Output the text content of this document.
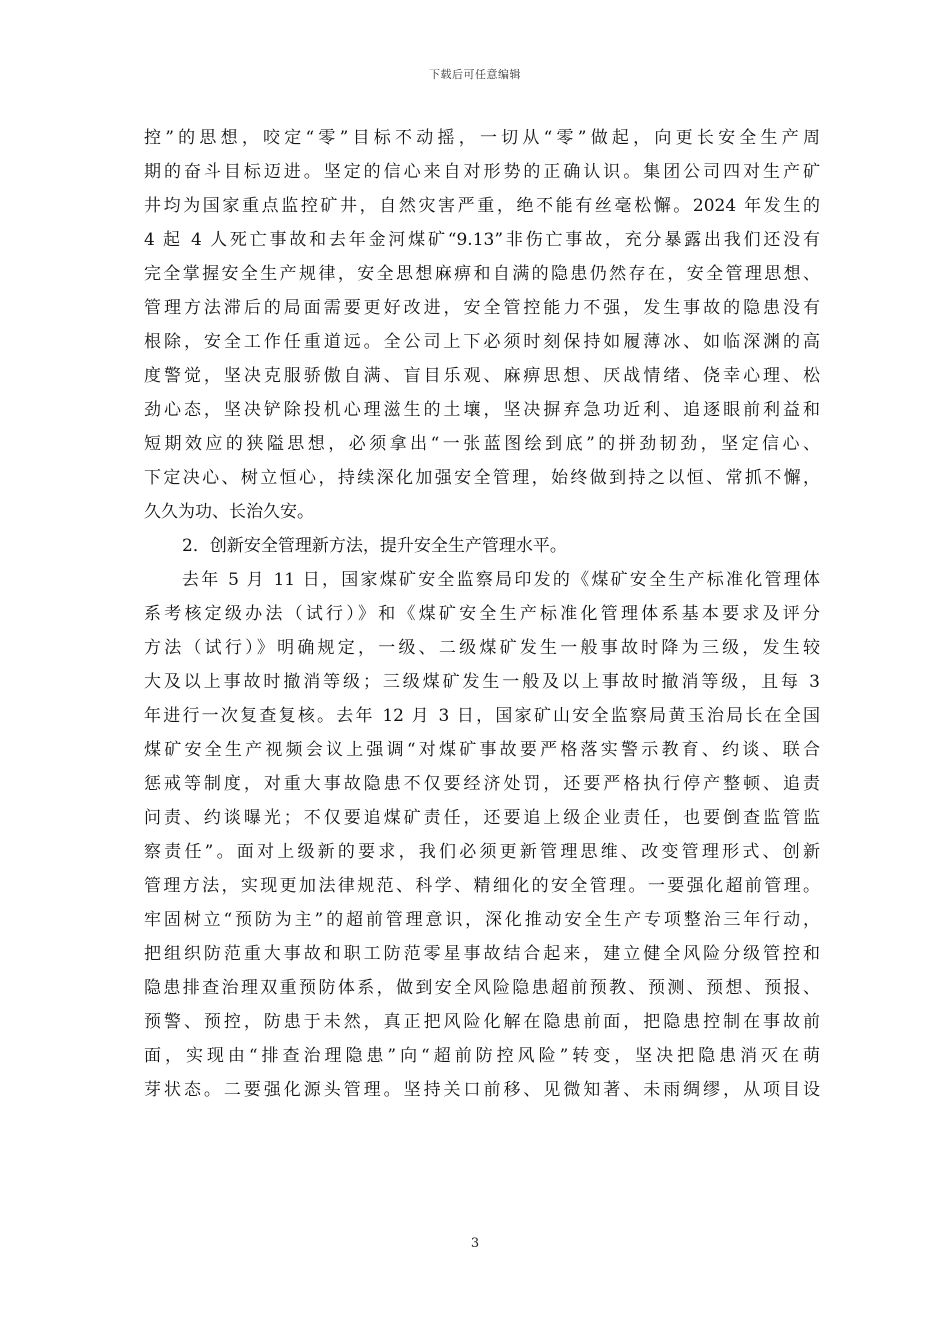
下载后可任意编辑
控”的思想，咬定“零”目标不动摇，一切从“零”做起，向更长安全生产周
期的奋斗目标迈进。坚定的信心来自对形势的正确认识。集团公司四对生产矿
井均为国家重点监控矿井，自然灾害严重，绝不能有丝毫松懈。2024 年发生的
4 起 4 人死亡事故和去年金河煤矿“9.13”非伤亡事故，充分暴露出我们还没有
完全掌握安全生产规律，安全思想麻痹和自满的隐患仍然存在，安全管理思想、
管理方法滞后的局面需要更好改进，安全管控能力不强，发生事故的隐患没有
根除，安全工作任重道远。全公司上下必须时刻保持如履薄冰、如临深渊的高
度警觉，坚决克服骄傲自满、盲目乐观、麻痹思想、厌战情绪、侥幸心理、松
劲心态，坚决铲除投机心理滋生的土壤，坚决摒弃急功近利、追逐眼前利益和
短期效应的狭隘思想，必须拿出“一张蓝图绘到底”的拼劲韧劲，坚定信心、
下定决心、树立恒心，持续深化加强安全管理，始终做到持之以恒、常抓不懈，
久久为功、长治久安。
2．创新安全管理新方法，提升安全生产管理水平。
去年 5 月 11 日，国家煤矿安全监察局印发的《煤矿安全生产标准化管理体
系考核定级办法（试行）》和《煤矿安全生产标准化管理体系基本要求及评分
方法（试行）》明确规定，一级、二级煤矿发生一般事故时降为三级，发生较
大及以上事故时撤消等级；三级煤矿发生一般及以上事故时撤消等级，且每 3
年进行一次复查复核。去年 12 月 3 日，国家矿山安全监察局黄玉治局长在全国
煤矿安全生产视频会议上强调“对煤矿事故要严格落实警示教育、约谈、联合
惩戒等制度，对重大事故隐患不仅要经济处罚，还要严格执行停产整顿、追责
问责、约谈曝光；不仅要追煤矿责任，还要追上级企业责任，也要倒查监管监
察责任”。面对上级新的要求，我们必须更新管理思维、改变管理形式、创新
管理方法，实现更加法律规范、科学、精细化的安全管理。一要强化超前管理。
牢固树立“预防为主”的超前管理意识，深化推动安全生产专项整治三年行动，
把组织防范重大事故和职工防范零星事故结合起来，建立健全风险分级管控和
隐患排查治理双重预防体系，做到安全风险隐患超前预教、预测、预想、预报、
预警、预控，防患于未然，真正把风险化解在隐患前面，把隐患控制在事故前
面，实现由“排查治理隐患”向“超前防控风险”转变，坚决把隐患消灭在萌
芽状态。二要强化源头管理。坚持关口前移、见微知著、未雨绸缪，从项目设
3
